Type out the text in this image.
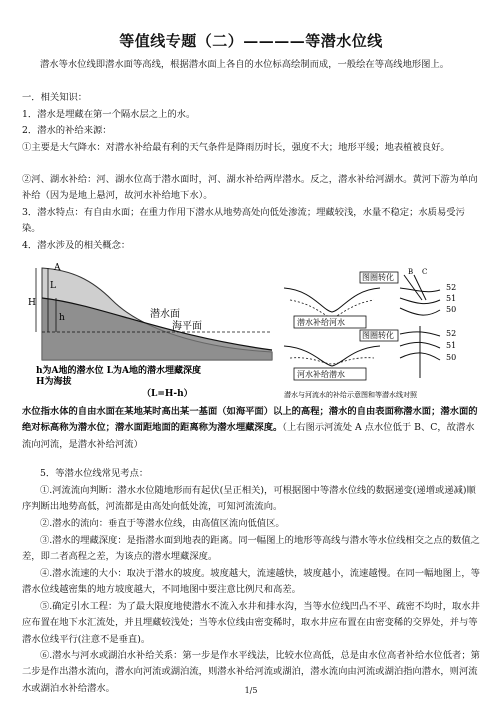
等值线专题（二）————等潜水位线
潜水等水位线即潜水面等高线，根据潜水面上各自的水位标高绘制而成，一般绘在等高线地形图上。
一．相关知识：
1．潜水是埋藏在第一个隔水层之上的水。
2．潜水的补给来源：
①主要是大气降水：对潜水补给最有利的天气条件是降雨历时长，强度不大；地形平缓；地表植被良好。
②河、湖水补给：河、湖水位高于潜水面时，河、湖水补给两岸潜水。反之，潜水补给河湖水。黄河下游为单向补给（因为是地上悬河，故河水补给地下水）。
3．潜水特点：有自由水面；在重力作用下潜水从地势高处向低处渗流；埋藏较浅，水量不稳定；水质易受污染。
4．潜水涉及的相关概念：
A
H
L
h	潜水面
海平面
h为A地的潜水位 L为A地的潜水埋藏深度
H为海拔
（L=H-h）
潜水补给河水
图圈转化
B C
52
51
50
河水补给潜水
图圈转化	52
51
50
潜水与河流水的补给示意图和等潜水线对照
水位指水体的自由水面在某地某时高出某一基面（如海平面）以上的高程；潜水的自由表面称潜水面；潜水面的绝对标高称为潜水位；潜水面距地面的距离称为潜水埋藏深度。（上右图示河流处 A 点水位低于 B、C，故潜水流向河流，是潜水补给河流）
5．等潜水位线常见考点：
①.河流流向判断：潜水水位随地形而有起伏(呈正相关)，可根据图中等潜水位线的数据递变(递增或递减)顺序判断出地势高低，河流都是由高处向低处流，可知河流流向。
②.潜水的流向：垂直于等潜水位线，由高值区流向低值区。
③.潜水的埋藏深度：是指潜水面到地表的距离。同一幅图上的地形等高线与潜水等水位线相交之点的数值之差，即二者高程之差，为该点的潜水埋藏深度。
④.潜水流速的大小：取决于潜水的坡度。坡度越大，流速越快，坡度越小，流速越慢。在同一幅地图上，等潜水位线越密集的地方坡度越大，不同地图中要注意比例尺和高差。
⑤.确定引水工程：为了最大限度地使潜水不流入水井和排水沟，当等水位线凹凸不平、疏密不均时，取水井应布置在地下水汇流处，并且埋藏较浅处；当等水位线由密变稀时，取水井应布置在由密变稀的交界处，并与等潜水位线平行(注意不是垂直)。
⑥.潜水与河水或湖泊水补给关系：第一步是作水平线法，比较水位高低，总是由水位高者补给水位低者；第二步是作出潜水流向，潜水向河流或湖泊流，则潜水补给河流或湖泊，潜水流向由河流或湖泊指向潜水，则河流水或湖泊水补给潜水。	1/5
